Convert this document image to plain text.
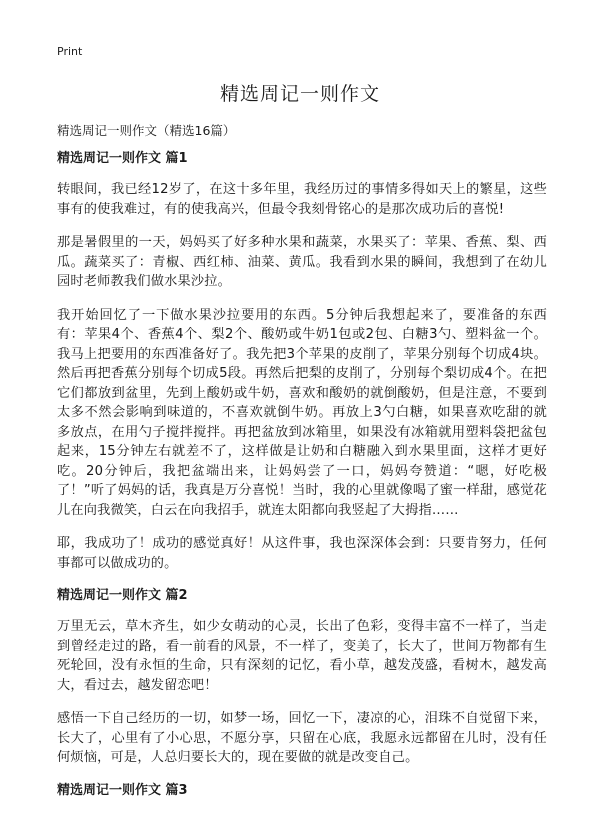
Print
精选周记一则作文

精选周记一则作文（精选16篇）

精选周记一则作文 篇1

转眼间，我已经12岁了，在这十多年里，我经历过的事情多得如天上的繁星，这些事有的使我难过，有的使我高兴，但最令我刻骨铭心的是那次成功后的喜悦!

那是暑假里的一天，妈妈买了好多种水果和蔬菜，水果买了：苹果、香蕉、梨、西瓜。蔬菜买了：青椒、西红柿、油菜、黄瓜。我看到水果的瞬间，我想到了在幼儿园时老师教我们做水果沙拉。

我开始回忆了一下做水果沙拉要用的东西。5分钟后我想起来了，要准备的东西有：苹果4个、香蕉4个、梨2个、酸奶或牛奶1包或2包、白糖3勺、塑料盆一个。我马上把要用的东西准备好了。我先把3个苹果的皮削了，苹果分别每个切成4块。然后再把香蕉分别每个切成5段。再然后把梨的皮削了，分别每个梨切成4个。在把它们都放到盆里，先到上酸奶或牛奶，喜欢和酸奶的就倒酸奶，但是注意，不要到太多不然会影响到味道的，不喜欢就倒牛奶。再放上3勺白糖，如果喜欢吃甜的就多放点，在用勺子搅拌搅拌。再把盆放到冰箱里，如果没有冰箱就用塑料袋把盆包起来，15分钟左右就差不了，这样做是让奶和白糖融入到水果里面，这样才更好吃。20分钟后，我把盆端出来，让妈妈尝了一口，妈妈夸赞道：“嗯，好吃极了！”听了妈妈的话，我真是万分喜悦！当时，我的心里就像喝了蜜一样甜，感觉花儿在向我微笑，白云在向我招手，就连太阳都向我竖起了大拇指……

耶，我成功了！成功的感觉真好！从这件事，我也深深体会到：只要肯努力，任何事都可以做成功的。

精选周记一则作文 篇2

万里无云，草木齐生，如少女萌动的心灵，长出了色彩，变得丰富不一样了，当走到曾经走过的路，看一前看的风景，不一样了，变美了，长大了，世间万物都有生死轮回，没有永恒的生命，只有深刻的记忆，看小草，越发茂盛，看树木，越发高大，看过去，越发留恋吧！

感悟一下自己经历的一切，如梦一场，回忆一下，凄凉的心，泪珠不自觉留下来，长大了，心里有了小心思，不愿分享，只留在心底，我愿永远都留在儿时，没有任何烦恼，可是，人总归要长大的，现在要做的就是改变自己。

精选周记一则作文 篇3
